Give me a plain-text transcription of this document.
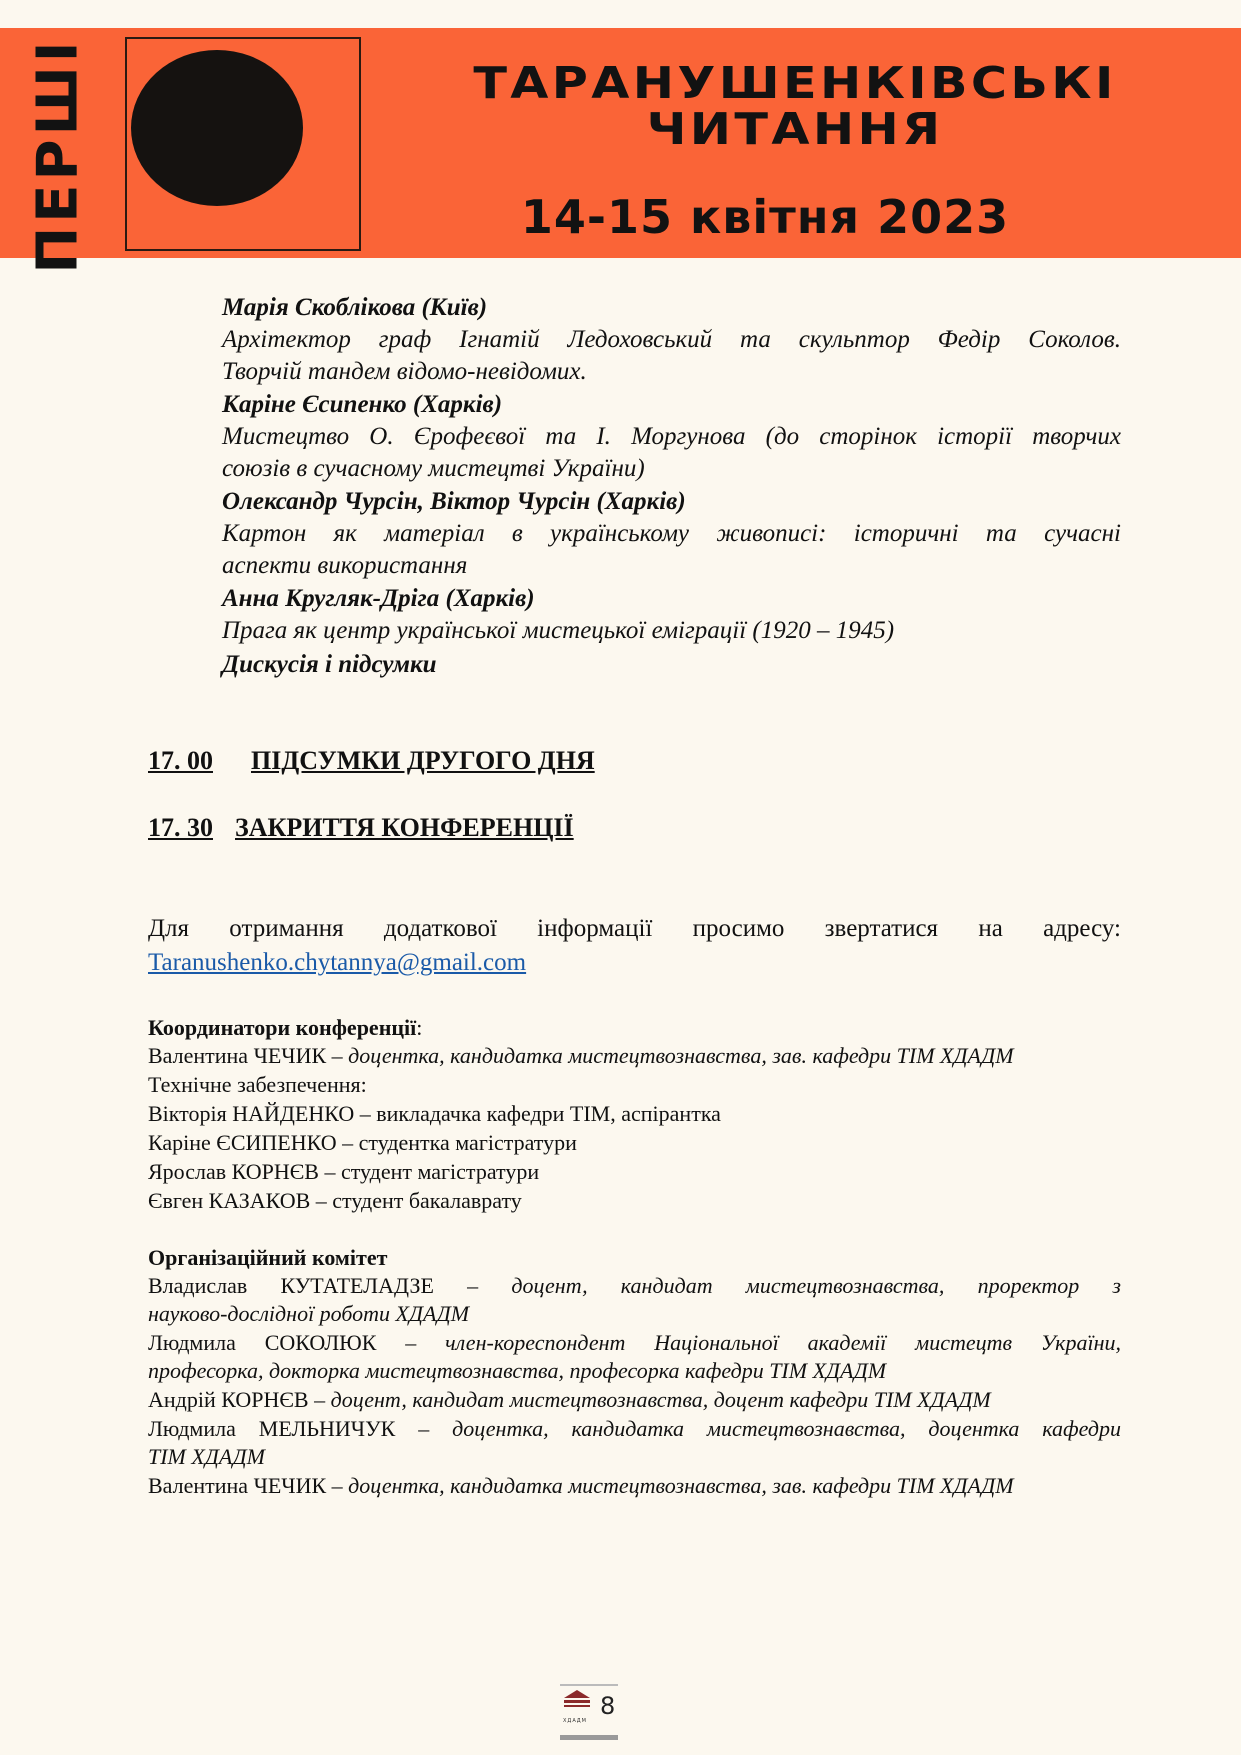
ПЕРШІ	ТАРАНУШЕНКІВСЬКІ
ЧИТАННЯ
14-15 квітня 2023
Марія Скоблікова (Київ)
Архітектор граф Ігнатій Ледоховський та скульптор Федір Соколов.
Творчій тандем відомо-невідомих.
Каріне Єсипенко (Харків)
Мистецтво О. Єрофеєвої та І. Моргунова (до сторінок історії творчих
союзів в сучасному мистецтві України)
Олександр Чурсін, Віктор Чурсін (Харків)
Картон як матеріал в українському живописі: історичні та сучасні
аспекти використання
Анна Кругляк-Дріга (Харків)
Прага як центр української мистецької еміграції (1920 – 1945)
Дискусія і підсумки
17. 00 ПІДСУМКИ ДРУГОГО ДНЯ
17. 30 ЗАКРИТТЯ КОНФЕРЕНЦІЇ
Для отримання додаткової інформації просимо звертатися на адресу:
Taranushenko.chytannya@gmail.com
Координатори конференції:
Валентина ЧЕЧИК – доцентка, кандидатка мистецтвознавства, зав. кафедри ТІМ ХДАДМ
Технічне забезпечення:
Вікторія НАЙДЕНКО – викладачка кафедри ТІМ, аспірантка
Каріне ЄСИПЕНКО – студентка магістратури
Ярослав КОРНЄВ – студент магістратури
Євген КАЗАКОВ – студент бакалаврату
Організаційний комітет
Владислав КУТАТЕЛАДЗЕ – доцент, кандидат мистецтвознавства, проректор з
науково-дослідної роботи ХДАДМ
Людмила СОКОЛЮК – член-кореспондент Національної академії мистецтв України,
професорка, докторка мистецтвознавства, професорка кафедри ТІМ ХДАДМ
Андрій КОРНЄВ – доцент, кандидат мистецтвознавства, доцент кафедри ТІМ ХДАДМ
Людмила МЕЛЬНИЧУК – доцентка, кандидатка мистецтвознавства, доцентка кафедри
ТІМ ХДАДМ
Валентина ЧЕЧИК – доцентка, кандидатка мистецтвознавства, зав. кафедри ТІМ ХДАДМ
ХДАДМ
8
